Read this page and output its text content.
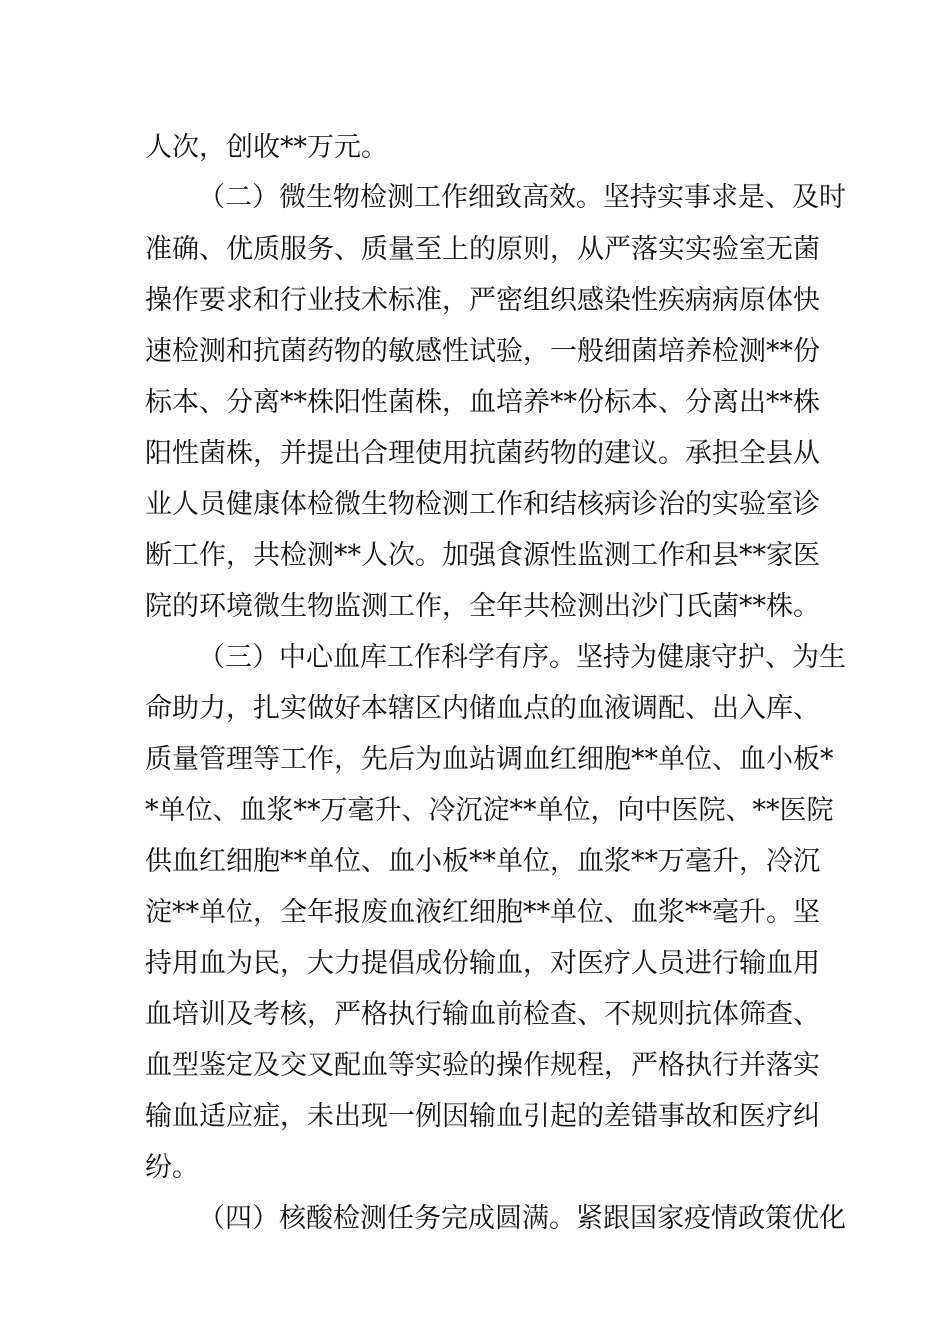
人次，创收**万元。
（二）微生物检测工作细致高效。坚持实事求是、及时
准确、优质服务、质量至上的原则，从严落实实验室无菌
操作要求和行业技术标准，严密组织感染性疾病病原体快
速检测和抗菌药物的敏感性试验，一般细菌培养检测**份
标本、分离**株阳性菌株，血培养**份标本、分离出**株
阳性菌株，并提出合理使用抗菌药物的建议。承担全县从
业人员健康体检微生物检测工作和结核病诊治的实验室诊
断工作，共检测**人次。加强食源性监测工作和县**家医
院的环境微生物监测工作，全年共检测出沙门氏菌**株。
（三）中心血库工作科学有序。坚持为健康守护、为生
命助力，扎实做好本辖区内储血点的血液调配、出入库、
质量管理等工作，先后为血站调血红细胞**单位、血小板*
*单位、血浆**万毫升、冷沉淀**单位，向中医院、**医院
供血红细胞**单位、血小板**单位，血浆**万毫升，冷沉
淀**单位，全年报废血液红细胞**单位、血浆**毫升。坚
持用血为民，大力提倡成份输血，对医疗人员进行输血用
血培训及考核，严格执行输血前检查、不规则抗体筛查、
血型鉴定及交叉配血等实验的操作规程，严格执行并落实
输血适应症，未出现一例因输血引起的差错事故和医疗纠
纷。
（四）核酸检测任务完成圆满。紧跟国家疫情政策优化
